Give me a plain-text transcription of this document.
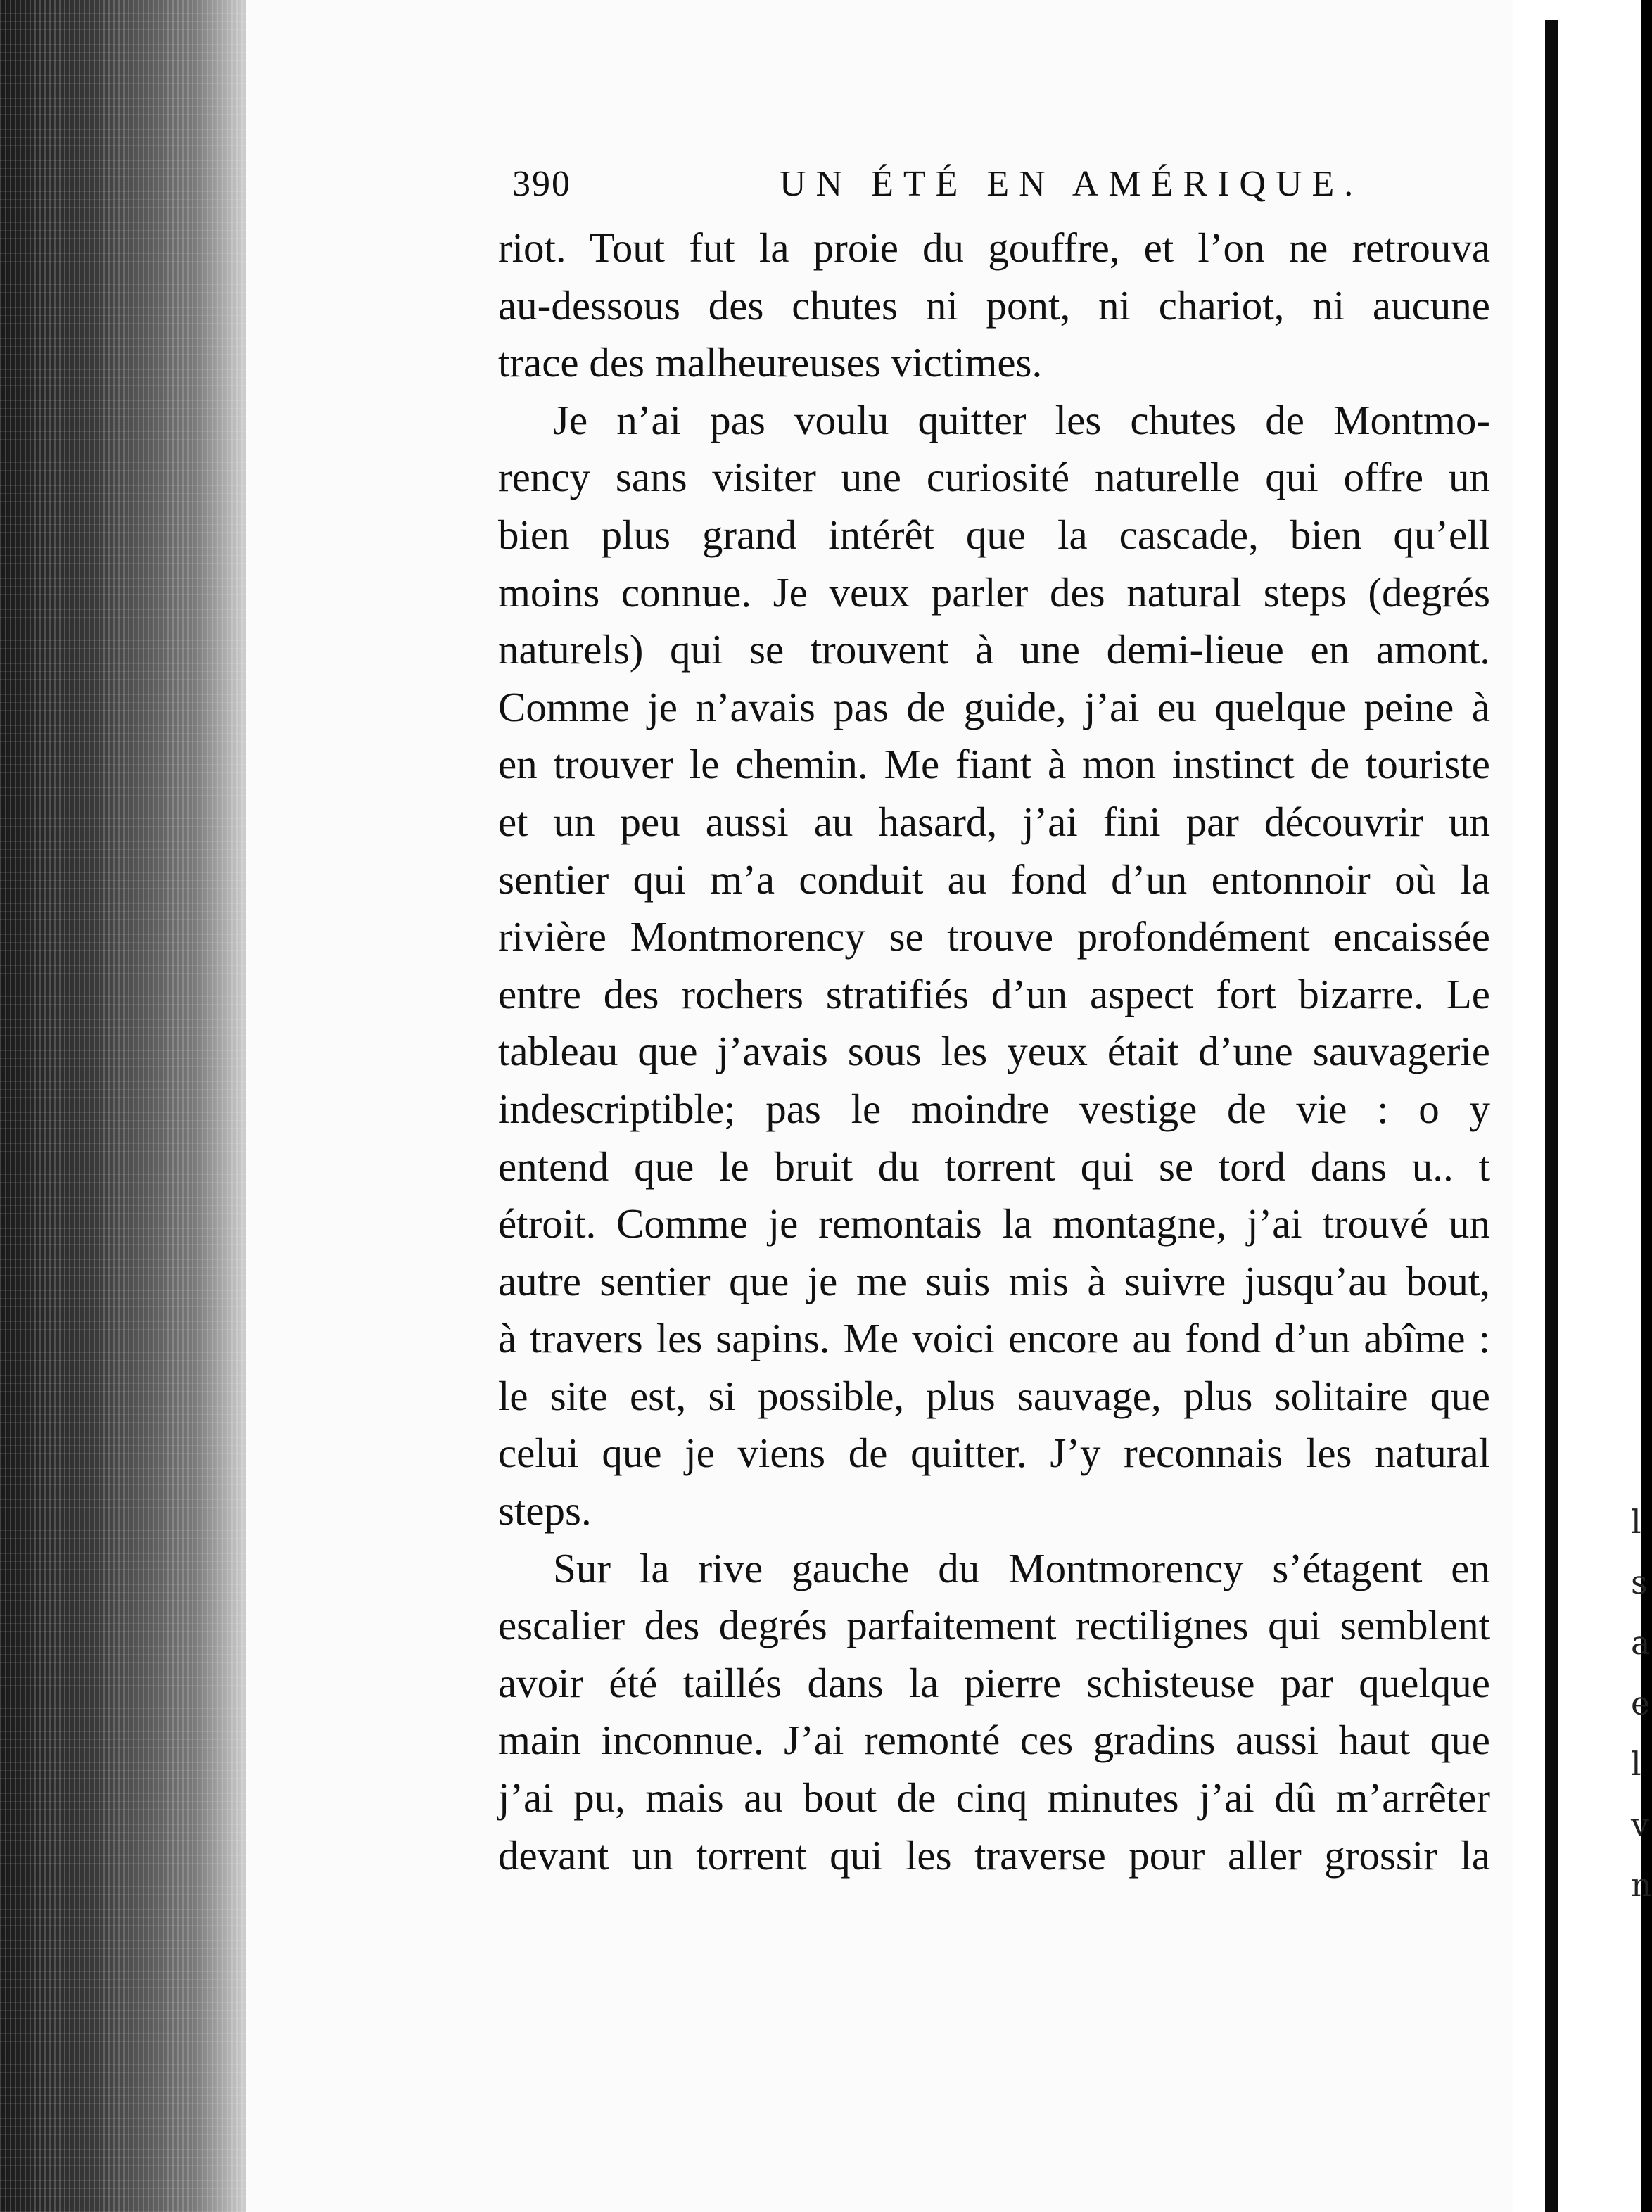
l
s
a
e
l
v
n
390	UN ÉTÉ EN AMÉRIQUE.
riot. Tout fut la proie du gouffre, et l’on ne retrouva
au-dessous des chutes ni pont, ni chariot, ni aucune
trace des malheureuses victimes.
Je n’ai pas voulu quitter les chutes de Montmo-
rency sans visiter une curiosité naturelle qui offre un
bien plus grand intérêt que la cascade, bien qu’ell
moins connue. Je veux parler des natural steps (degrés
naturels) qui se trouvent à une demi-lieue en amont.
Comme je n’avais pas de guide, j’ai eu quelque peine à
en trouver le chemin. Me fiant à mon instinct de touriste
et un peu aussi au hasard, j’ai fini par découvrir un
sentier qui m’a conduit au fond d’un entonnoir où la
rivière Montmorency se trouve profondément encaissée
entre des rochers stratifiés d’un aspect fort bizarre. Le
tableau que j’avais sous les yeux était d’une sauvagerie
indescriptible; pas le moindre vestige de vie : o y
entend que le bruit du torrent qui se tord dans u.. t
étroit. Comme je remontais la montagne, j’ai trouvé un
autre sentier que je me suis mis à suivre jusqu’au bout,
à travers les sapins. Me voici encore au fond d’un abîme :
le site est, si possible, plus sauvage, plus solitaire que
celui que je viens de quitter. J’y reconnais les natural
steps.
Sur la rive gauche du Montmorency s’étagent en
escalier des degrés parfaitement rectilignes qui semblent
avoir été taillés dans la pierre schisteuse par quelque
main inconnue. J’ai remonté ces gradins aussi haut que
j’ai pu, mais au bout de cinq minutes j’ai dû m’arrêter
devant un torrent qui les traverse pour aller grossir la
